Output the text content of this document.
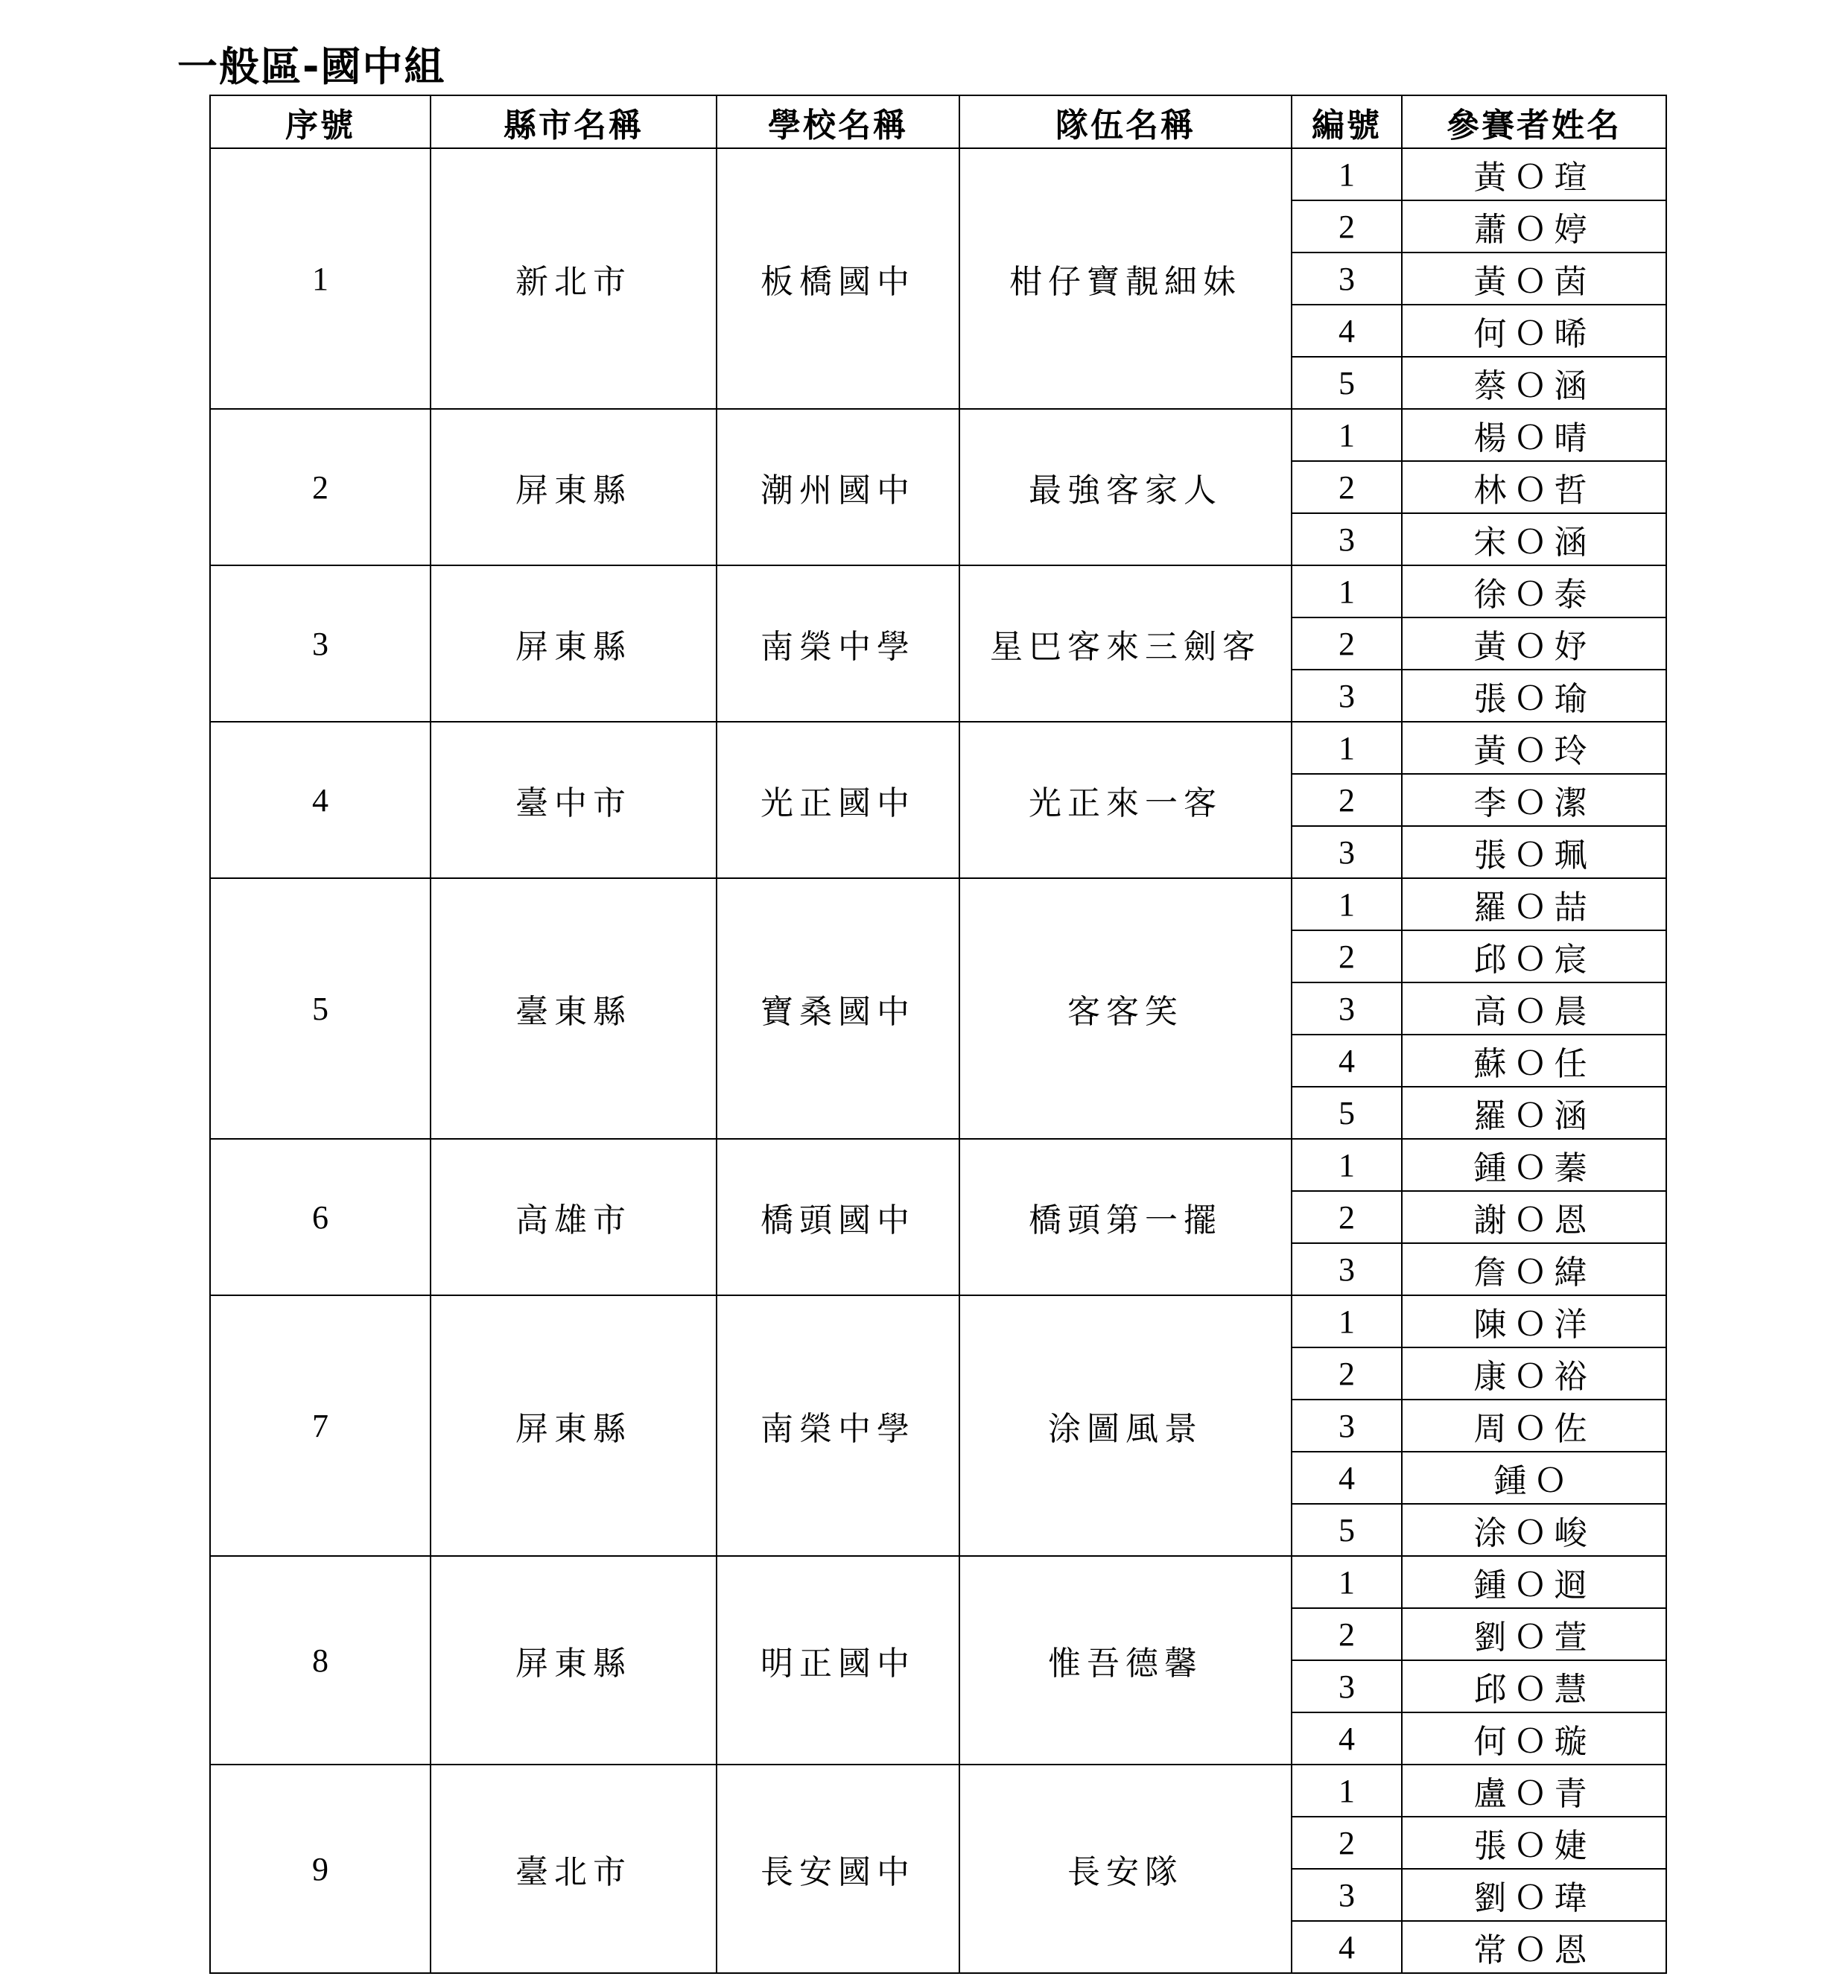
一般區-國中組
序號	縣市名稱	學校名稱	隊伍名稱	編號	參賽者姓名
1	新北市	板橋國中	柑仔寶靚細妹	1	黃Ｏ瑄
				2	蕭Ｏ婷
				3	黃Ｏ茵
				4	何Ｏ晞
				5	蔡Ｏ涵
2	屏東縣	潮州國中	最強客家人	1	楊Ｏ晴
				2	林Ｏ哲
				3	宋Ｏ涵
3	屏東縣	南榮中學	星巴客來三劍客	1	徐Ｏ泰
				2	黃Ｏ妤
				3	張Ｏ瑜
4	臺中市	光正國中	光正來一客	1	黃Ｏ玲
				2	李Ｏ潔
				3	張Ｏ珮
5	臺東縣	寶桑國中	客客笑	1	羅Ｏ喆
				2	邱Ｏ宸
				3	高Ｏ晨
				4	蘇Ｏ任
				5	羅Ｏ涵
6	高雄市	橋頭國中	橋頭第一擺	1	鍾Ｏ蓁
				2	謝Ｏ恩
				3	詹Ｏ緯
7	屏東縣	南榮中學	涂圖風景	1	陳Ｏ洋
				2	康Ｏ裕
				3	周Ｏ佐
				4	鍾Ｏ
				5	涂Ｏ峻
8	屏東縣	明正國中	惟吾德馨	1	鍾Ｏ䢛
				2	劉Ｏ萱
				3	邱Ｏ慧
				4	何Ｏ璇
9	臺北市	長安國中	長安隊	1	盧Ｏ青
				2	張Ｏ婕
				3	劉Ｏ瑋
				4	常Ｏ恩
